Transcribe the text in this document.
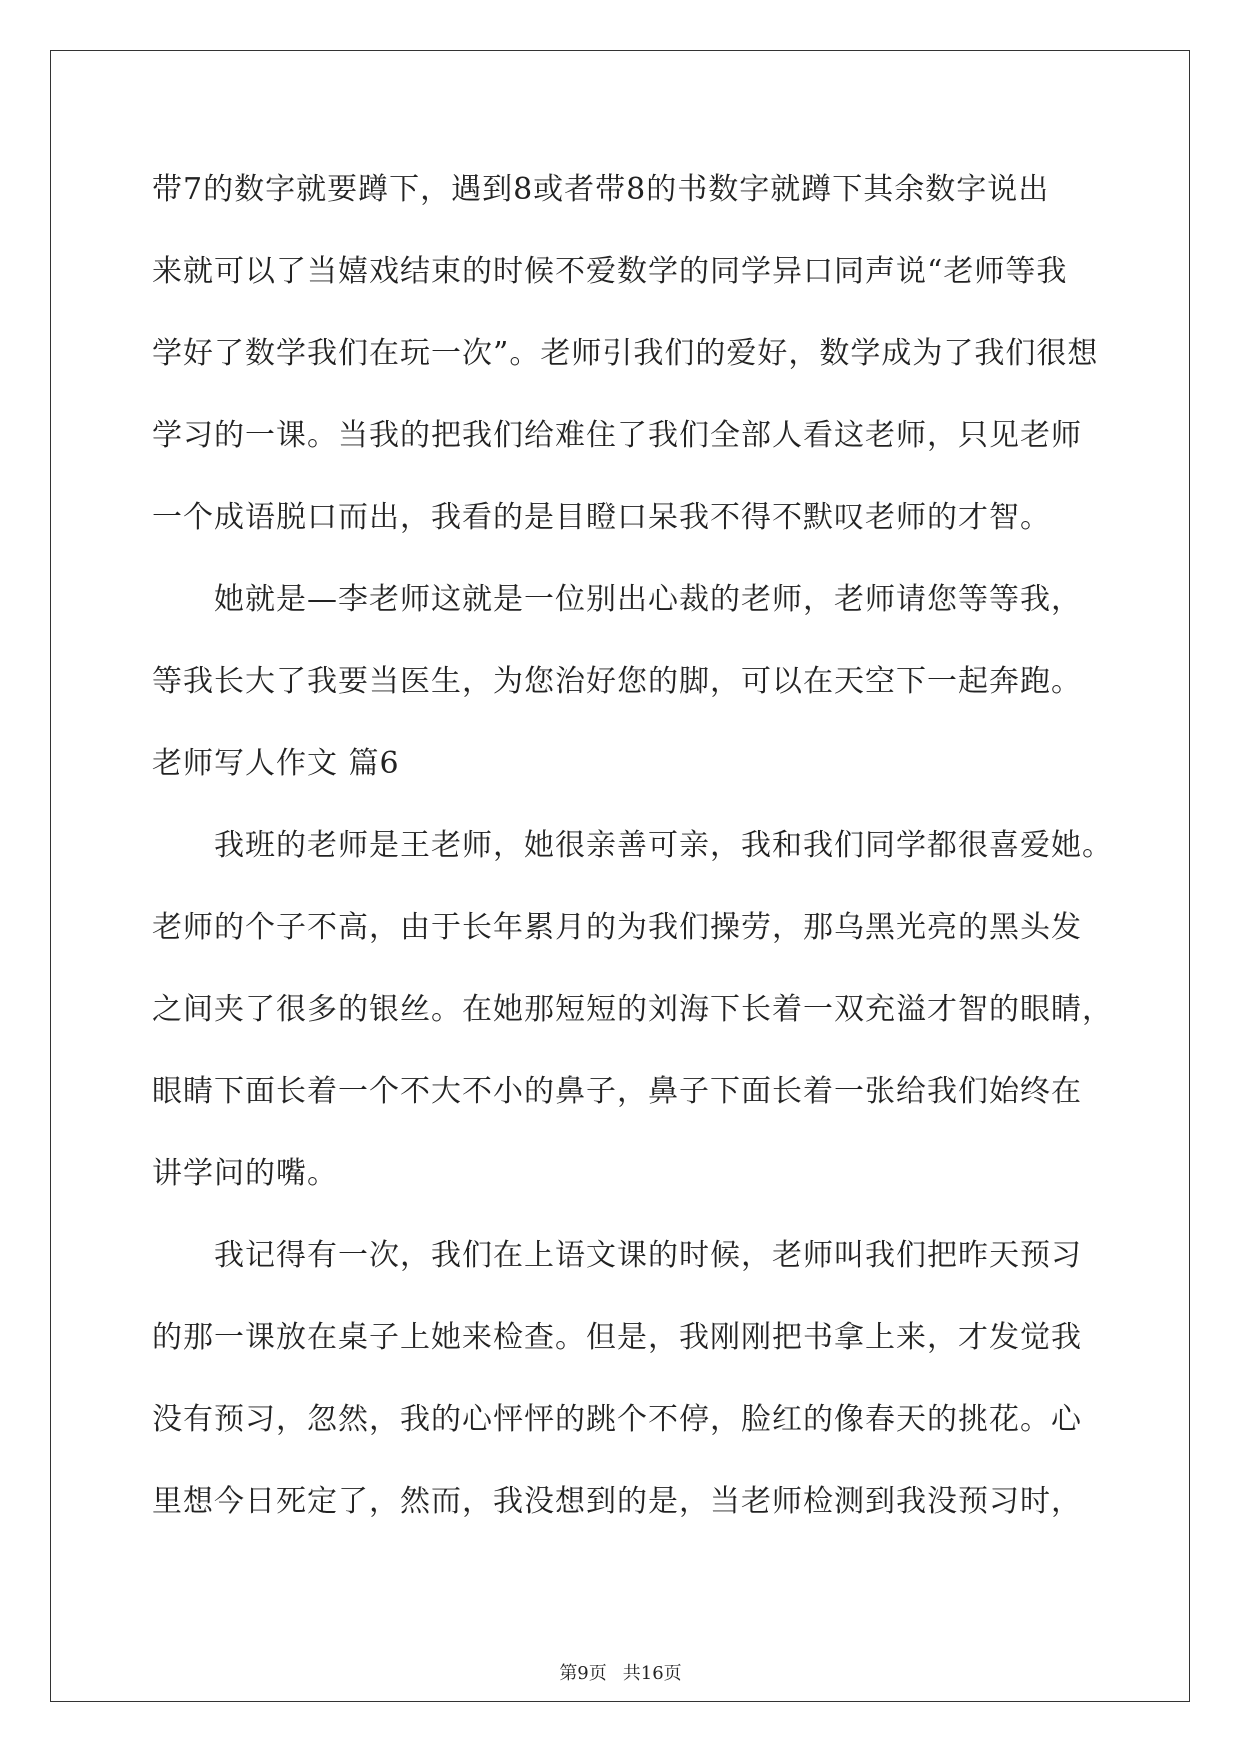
带7的数字就要蹲下，遇到8或者带8的书数字就蹲下其余数字说出

来就可以了当嬉戏结束的时候不爱数学的同学异口同声说“老师等我

学好了数学我们在玩一次”。老师引我们的爱好，数学成为了我们很想

学习的一课。当我的把我们给难住了我们全部人看这老师，只见老师

一个成语脱口而出，我看的是目瞪口呆我不得不默叹老师的才智。

她就是—李老师这就是一位别出心裁的老师，老师请您等等我，

等我长大了我要当医生，为您治好您的脚，可以在天空下一起奔跑。

老师写人作文 篇6

我班的老师是王老师，她很亲善可亲，我和我们同学都很喜爱她。

老师的个子不高，由于长年累月的为我们操劳，那乌黑光亮的黑头发

之间夹了很多的银丝。在她那短短的刘海下长着一双充溢才智的眼睛，

眼睛下面长着一个不大不小的鼻子，鼻子下面长着一张给我们始终在

讲学问的嘴。

我记得有一次，我们在上语文课的时候，老师叫我们把昨天预习

的那一课放在桌子上她来检查。但是，我刚刚把书拿上来，才发觉我

没有预习，忽然，我的心怦怦的跳个不停，脸红的像春天的挑花。心

里想今日死定了，然而，我没想到的是，当老师检测到我没预习时，

第9页 共16页
